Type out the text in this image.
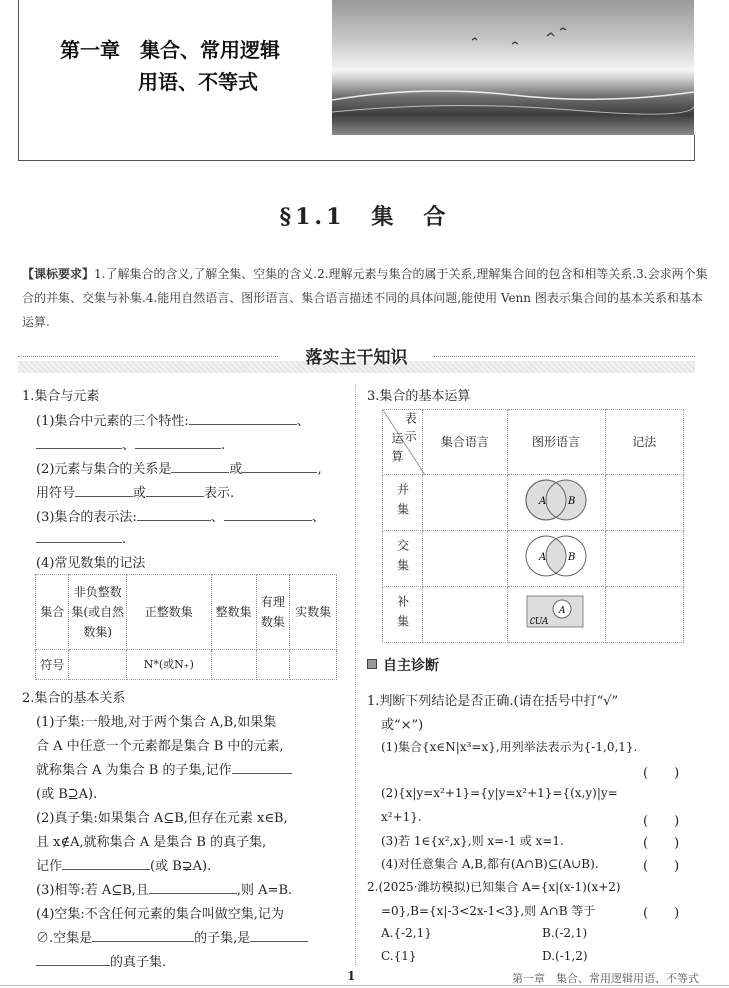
第一章　集合、常用逻辑
用语、不等式
§1.1　集　合
【课标要求】1.了解集合的含义,了解全集、空集的含义.2.理解元素与集合的属于关系,理解集合间的包含和相等关系.3.会求两个集合的并集、交集与补集.4.能用自然语言、图形语言、集合语言描述不同的具体问题,能使用 Venn 图表示集合间的基本关系和基本运算.
落实主干知识
1.集合与元素
(1)集合中元素的三个特性:	、
、	.
(2)元素与集合的关系是	或	,
用符号	或	表示.
(3)集合的表示法:	、	、
.
(4)常见数集的记法
集合	非负整数集(或自然数集)	正整数集	整数集	有理数集	实数集
符号		N*(或N₊)			
2.集合的基本关系
(1)子集:一般地,对于两个集合 A,B,如果集
合 A 中任意一个元素都是集合 B 中的元素,
就称集合 A 为集合 B 的子集,记作
(或 B⊇A).
(2)真子集:如果集合 A⊆B,但存在元素 x∈B,
且 x∉A,就称集合 A 是集合 B 的真子集,
记作	(或 B⊋A).
(3)相等:若 A⊆B,且	,则 A=B.
(4)空集:不含任何元素的集合叫做空集,记为
∅.空集是	的子集,是
的真子集.
3.集合的基本运算
表示
运算	集合语言	图形语言	记法
并集		A B	

交集		A B	

补集		A
∁UA	

自主诊断
1.判断下列结论是否正确.(请在括号中打“√”
或“×”)
(1)集合{x∈N|x³=x},用列举法表示为{-1,0,1}.
(　　)
(2){x|y=x²+1}={y|y=x²+1}={(x,y)|y=
x²+1}.	(　　)
(3)若 1∈{x²,x},则 x=-1 或 x=1.	(　　)
(4)对任意集合 A,B,都有(A∩B)⊆(A∪B).	(　　)
2.(2025·潍坊模拟)已知集合 A={x|(x-1)(x+2)
=0},B={x|-3<2x-1<3},则 A∩B 等于	(　　)
A.{-2,1}	B.(-2,1)
C.{1}	D.(-1,2)
1	第一章　集合、常用逻辑用语、不等式
